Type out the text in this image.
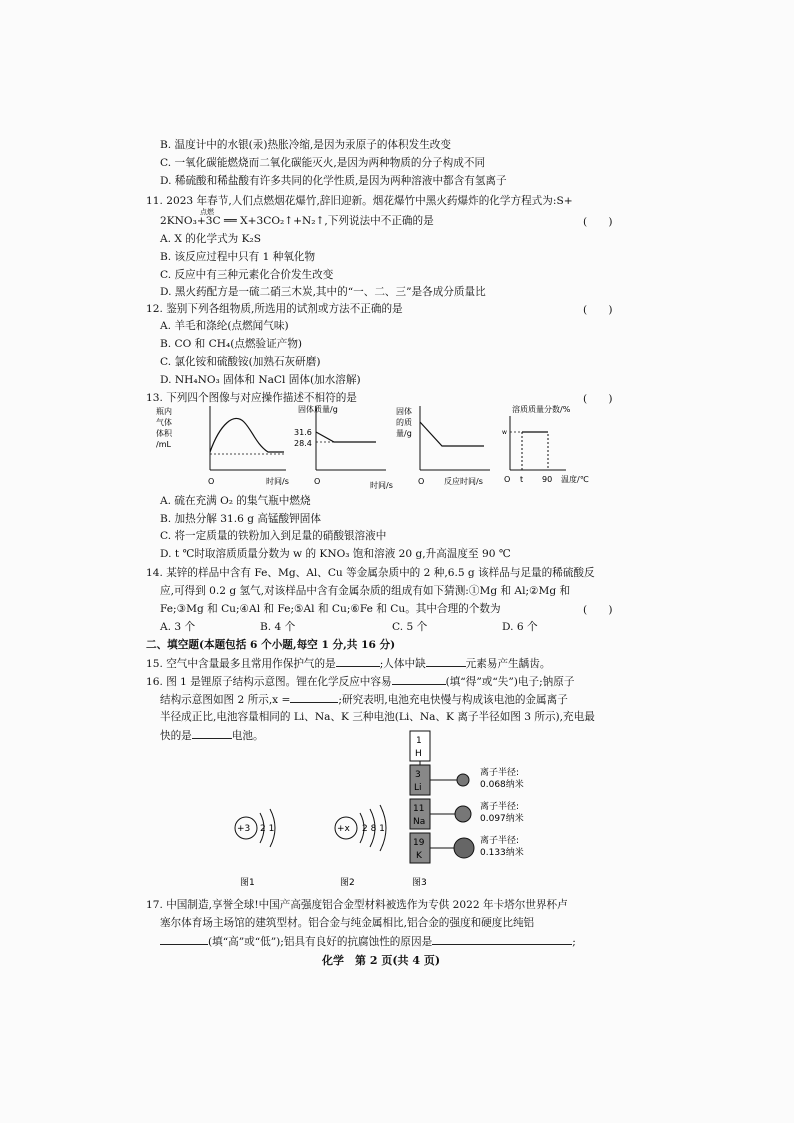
B. 温度计中的水银(汞)热胀冷缩,是因为汞原子的体积发生改变
C. 一氧化碳能燃烧而二氧化碳能灭火,是因为两种物质的分子构成不同
D. 稀硫酸和稀盐酸有许多共同的化学性质,是因为两种溶液中都含有氢离子
11. 2023 年春节,人们点燃烟花爆竹,辞旧迎新。烟花爆竹中黑火药爆炸的化学方程式为:S+
点燃
2KNO₃+3C ══ X+3CO₂↑+N₂↑,下列说法中不正确的是	(　　)
A. X 的化学式为 K₂S
B. 该反应过程中只有 1 种氧化物
C. 反应中有三种元素化合价发生改变
D. 黑火药配方是一硫二硝三木炭,其中的“一、二、三”是各成分质量比
12. 鉴别下列各组物质,所选用的试剂或方法不正确的是	(　　)
A. 羊毛和涤纶(点燃闻气味)
B. CO 和 CH₄(点燃验证产物)
C. 氯化铵和硫酸铵(加熟石灰研磨)
D. NH₄NO₃ 固体和 NaCl 固体(加水溶解)
13. 下列四个图像与对应操作描述不相符的是	(　　)
瓶内
气体
体积
/mL
O	时间/s
固体质量/g
31.6
28.4
O	时间/s
固体
的质
量/g
O 反应时间/s
溶质质量分数/%
w
O t 90 温度/℃
A. 硫在充满 O₂ 的集气瓶中燃烧
B. 加热分解 31.6 g 高锰酸钾固体
C. 将一定质量的铁粉加入到足量的硝酸银溶液中
D. t ℃时取溶质质量分数为 w 的 KNO₃ 饱和溶液 20 g,升高温度至 90 ℃
14. 某锌的样品中含有 Fe、Mg、Al、Cu 等金属杂质中的 2 种,6.5 g 该样品与足量的稀硫酸反
应,可得到 0.2 g 氢气,对该样品中含有金属杂质的组成有如下猜测:①Mg 和 Al;②Mg 和
Fe;③Mg 和 Cu;④Al 和 Fe;⑤Al 和 Cu;⑥Fe 和 Cu。其中合理的个数为	(　　)
A. 3 个	B. 4 个	C. 5 个	D. 6 个
二、填空题(本题包括 6 个小题,每空 1 分,共 16 分)
15. 空气中含量最多且常用作保护气的是	;人体中缺	元素易产生龋齿。
16. 图 1 是锂原子结构示意图。锂在化学反应中容易	(填“得”或“失”)电子;钠原子
结构示意图如图 2 所示,x =	;研究表明,电池充电快慢与构成该电池的金属离子
半径成正比,电池容量相同的 Li、Na、K 三种电池(Li、Na、K 离子半径如图 3 所示),充电最
快的是	电池。
+3 2 1
图1
+x 2 8 1
图2
1
H
3
Li
离子半径:
0.068纳米
11
Na
离子半径:
0.097纳米
19
K
离子半径:
0.133纳米
图3
17. 中国制造,享誉全球!中国产高强度铝合金型材料被选作为专供 2022 年卡塔尔世界杯卢
塞尔体育场主场馆的建筑型材。铝合金与纯金属相比,铝合金的强度和硬度比纯铝
(填“高”或“低”);铝具有良好的抗腐蚀性的原因是	;
化学　第 2 页(共 4 页)
